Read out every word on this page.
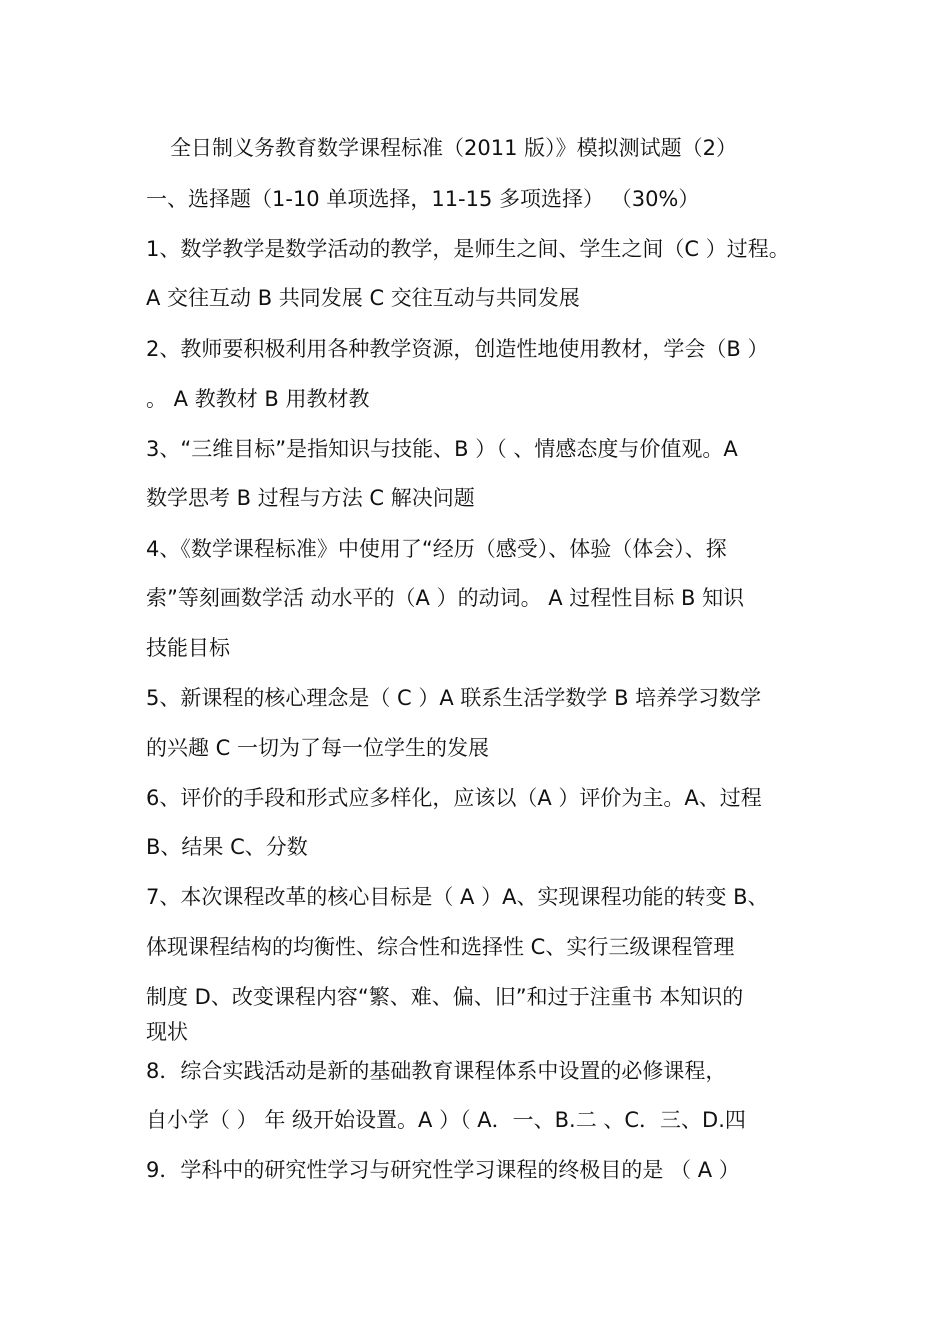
全日制义务教育数学课程标准（2011 版）》模拟测试题（2）
一、选择题（1-10 单项选择，11-15 多项选择） （30%）
1、数学教学是数学活动的教学，是师生之间、学生之间（C ）过程。
A 交往互动 B 共同发展 C 交往互动与共同发展
2、教师要积极利用各种教学资源，创造性地使用教材，学会（B ）
。 A 教教材 B 用教材教
3、“三维目标”是指知识与技能、B ）（ 、情感态度与价值观。A
数学思考 B 过程与方法 C 解决问题
4、《数学课程标准》中使用了“经历（感受）、体验（体会）、探
索”等刻画数学活 动水平的（A ）的动词。 A 过程性目标 B 知识
技能目标
5、新课程的核心理念是（ C ）A 联系生活学数学 B 培养学习数学
的兴趣 C 一切为了每一位学生的发展
6、评价的手段和形式应多样化，应该以（A ）评价为主。A、过程
B、结果 C、分数
7、本次课程改革的核心目标是（ A ）A、实现课程功能的转变 B、
体现课程结构的均衡性、综合性和选择性 C、实行三级课程管理
制度 D、改变课程内容“繁、难、偏、旧”和过于注重书 本知识的
现状
8．综合实践活动是新的基础教育课程体系中设置的必修课程，
自小学（ ） 年 级开始设置。A ）（ A．一、B.二 、C．三、D.四
9．学科中的研究性学习与研究性学习课程的终极目的是 （ A ）
